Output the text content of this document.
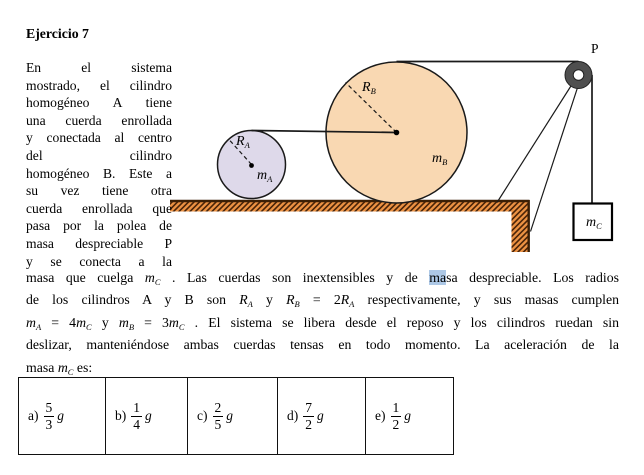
$R_A$
$m_A$
$R_B$
$m_B$
P
$m_C$
Ejercicio 7
En el sistema
mostrado, el cilindro
homogéneo A tiene
una cuerda enrollada
y conectada al centro
del cilindro
homogéneo B. Este a
su vez tiene otra
cuerda enrollada que
pasa por la polea de
masa despreciable P
y se conecta a la
masa que cuelga $m_C$ . Las cuerdas son inextensibles y de masa despreciable. Los radios
de los cilindros A y B son $R_A$ y $R_B = 2R_A$ respectivamente, y sus masas cumplen
$m_A = 4m_C$ y $m_B = 3m_C$ . El sistema se libera desde el reposo y los cilindros ruedan sin
deslizar, manteniéndose ambas cuerdas tensas en todo momento. La aceleración de la
masa $m_C$ es:
$a) \frac{5}{3}$ g	$b) \frac{1}{4}$ g	$c) \frac{2}{5}$ g	$d) \frac{7}{2}$ g	$e) \frac{1}{2}$ g
